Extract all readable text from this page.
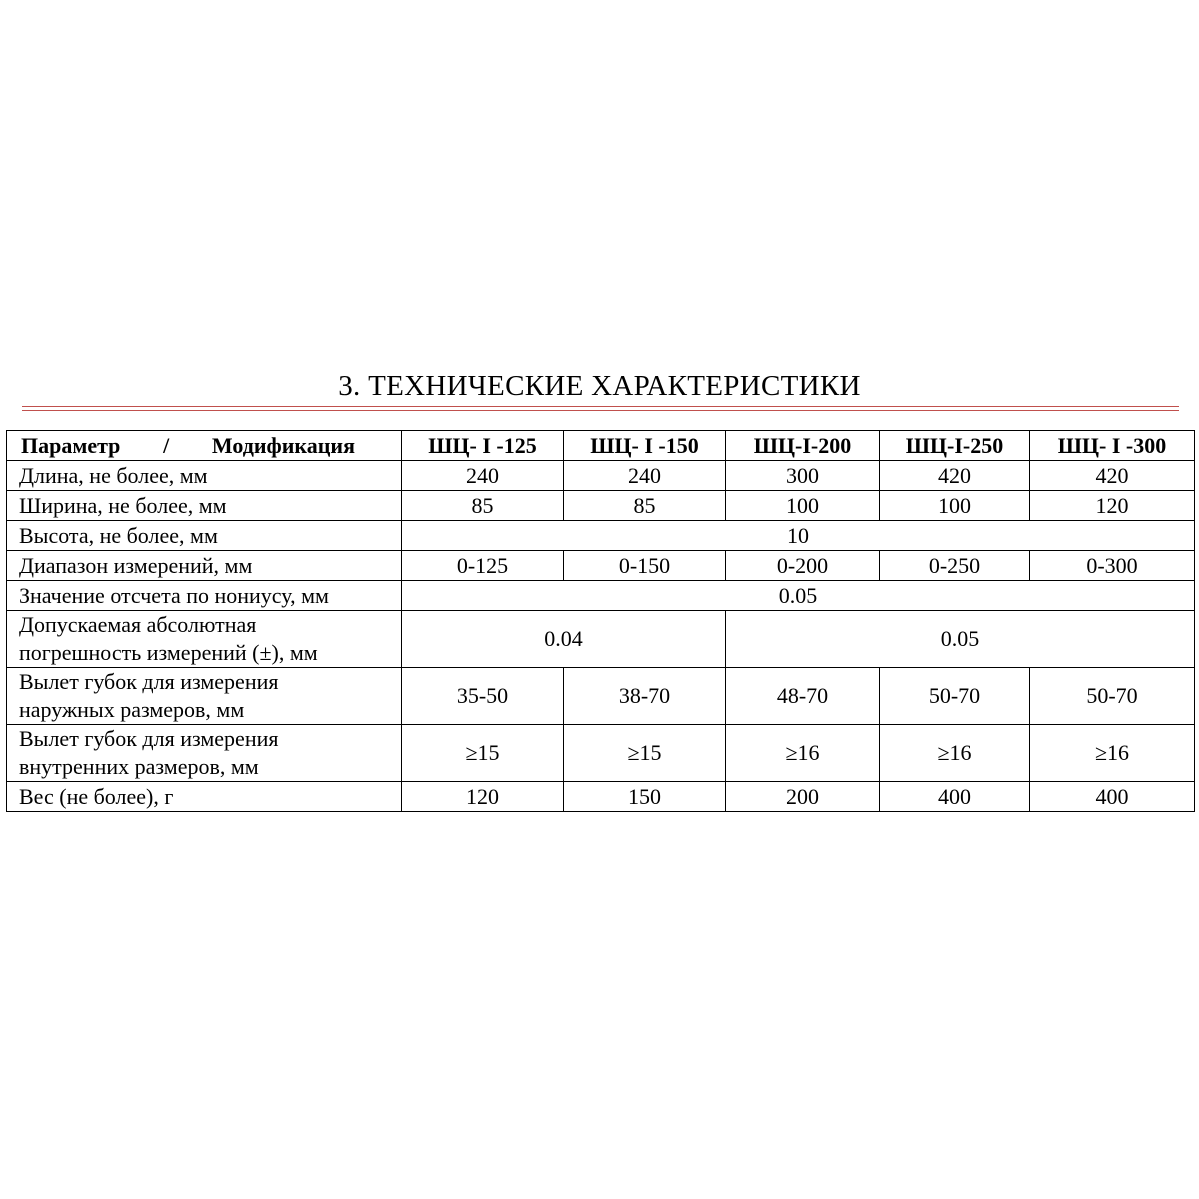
3. ТЕХНИЧЕСКИЕ ХАРАКТЕРИСТИКИ
Параметр / Модификация	ШЦ- I -125	ШЦ- I -150	ШЦ-I-200	ШЦ-I-250	ШЦ- I -300
Длина, не более, мм	240	240	300	420	420
Ширина, не более, мм	85	85	100	100	120
Высота, не более, мм	10				
Диапазон измерений, мм	0-125	0-150	0-200	0-250	0-300
Значение отсчета по нониусу, мм	0.05				

Допускаемая абсолютная
погрешность измерений (±), мм	0.04		0.05		

Вылет губок для измерения
наружных размеров, мм	35-50	38-70	48-70	50-70	50-70

Вылет губок для измерения
внутренних размеров, мм	≥15	≥15	≥16	≥16	≥16
Вес (не более), г	120	150	200	400	400
